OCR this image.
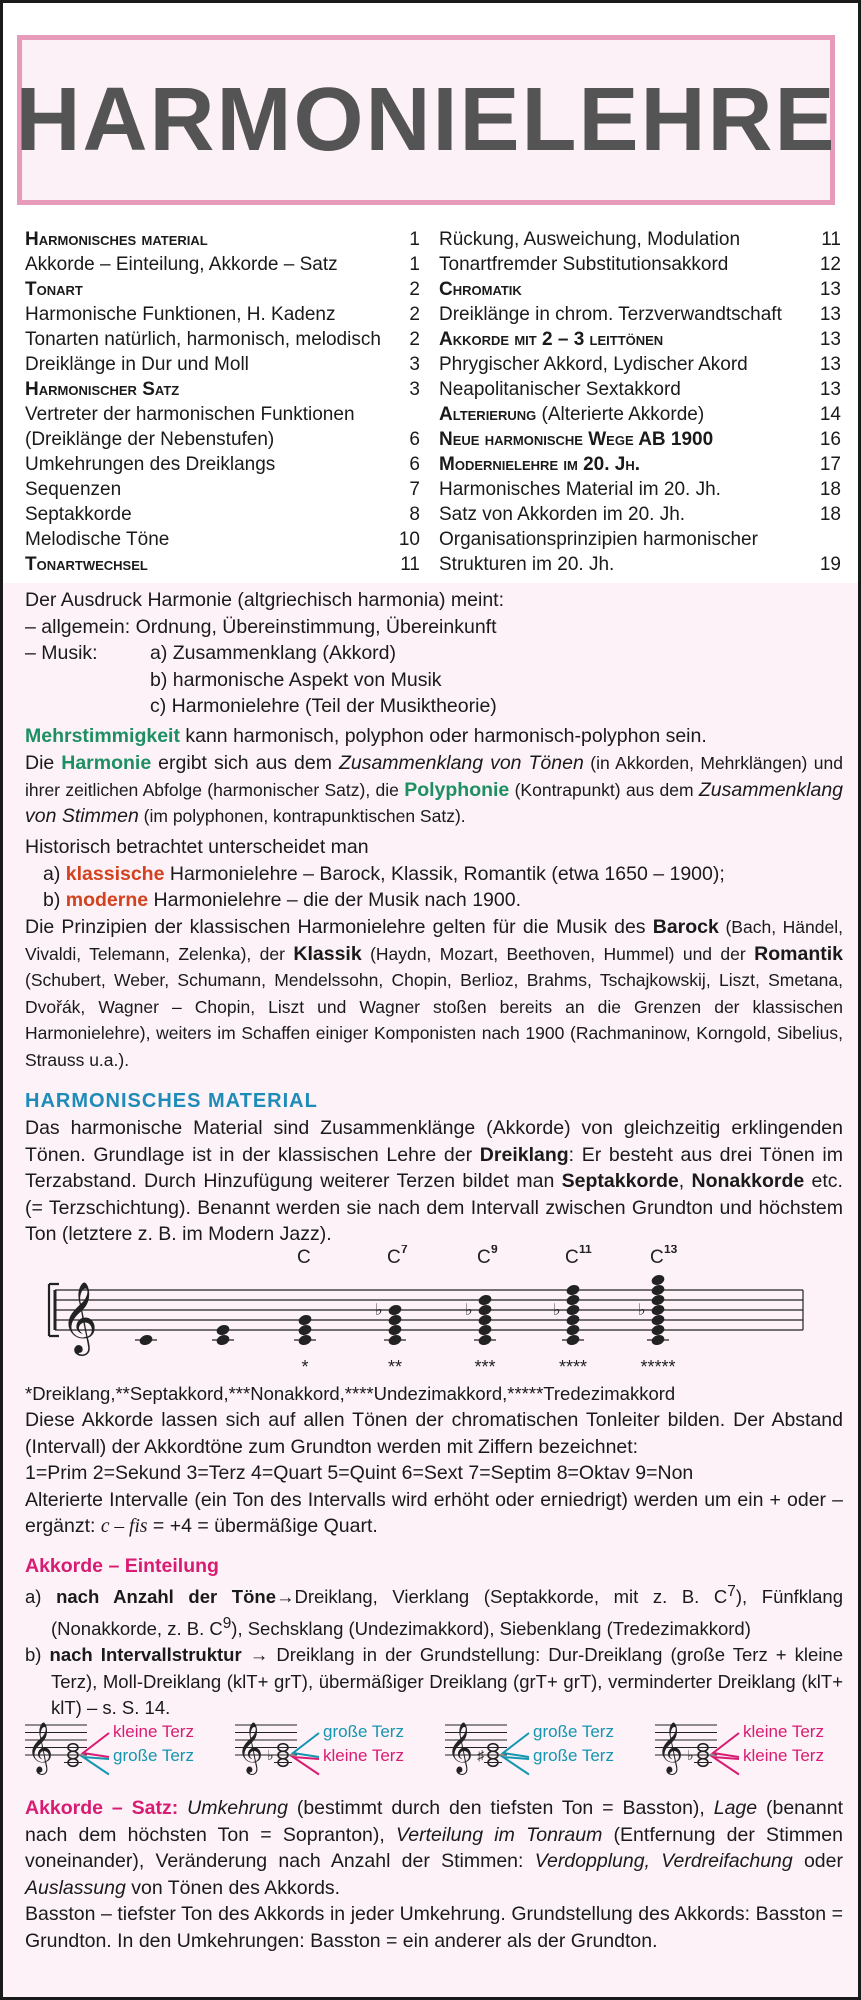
HARMONIELEHRE
Harmonisches material	1
Akkorde – Einteilung, Akkorde – Satz	1
Tonart	2
Harmonische Funktionen, H. Kadenz	2
Tonarten natürlich, harmonisch, melodisch	2
Dreiklänge in Dur und Moll	3
Harmonischer Satz	3
Vertreter der harmonischen Funktionen
(Dreiklänge der Nebenstufen)	6
Umkehrungen des Dreiklangs	6
Sequenzen	7
Septakkorde	8
Melodische Töne	10
Tonartwechsel	11
Rückung, Ausweichung, Modulation	11
Tonartfremder Substitutionsakkord	12
Chromatik	13
Dreiklänge in chrom. Terzverwandtschaft 13
Akkorde mit 2 – 3 leittönen	13
Phrygischer Akkord, Lydischer Akord	13
Neapolitanischer Sextakkord	13
Alterierung (Alterierte Akkorde)	14
Neue harmonische Wege AB 1900	16
Modernielehre im 20. Jh.	17
Harmonisches Material im 20. Jh.	18
Satz von Akkorden im 20. Jh.	18
Organisationsprinzipien harmonischer
Strukturen im 20. Jh.	19
Der Ausdruck Harmonie (altgriechisch harmonia) meint:
– allgemein: Ordnung, Übereinstimmung, Übereinkunft
– Musik:	a) Zusammenklang (Akkord)
b) harmonische Aspekt von Musik
c) Harmonielehre (Teil der Musiktheorie)
Mehrstimmigkeit kann harmonisch, polyphon oder harmonisch-polyphon sein.
Die Harmonie ergibt sich aus dem Zusammenklang von Tönen (in Akkorden, Mehrklängen) und ihrer zeitlichen Abfolge (harmonischer Satz), die Polyphonie (Kontrapunkt) aus dem Zusammenklang von Stimmen (im polyphonen, kontrapunktischen Satz).
Historisch betrachtet unterscheidet man
a) klassische Harmonielehre – Barock, Klassik, Romantik (etwa 1650 – 1900);
b) moderne Harmonielehre – die der Musik nach 1900.
Die Prinzipien der klassischen Harmonielehre gelten für die Musik des Barock (Bach, Händel, Vivaldi, Telemann, Zelenka), der Klassik (Haydn, Mozart, Beethoven, Hummel) und der Romantik (Schubert, Weber, Schumann, Mendelssohn, Chopin, Berlioz, Brahms, Tschajkowskij, Liszt, Smetana, Dvořák, Wagner – Chopin, Liszt und Wagner stoßen bereits an die Grenzen der klassischen Harmonielehre), weiters im Schaffen einiger Komponisten nach 1900 (Rachmaninow, Korngold, Sibelius, Strauss u.a.).
HARMONISCHES MATERIAL
Das harmonische Material sind Zusammenklänge (Akkorde) von gleichzeitig erklingenden Tönen. Grundlage ist in der klassischen Lehre der Dreiklang: Er besteht aus drei Tönen im Terzabstand. Durch Hinzufügung weiterer Terzen bildet man Septakkorde, Nonakkorde etc. (= Terzschichtung). Benannt werden sie nach dem Intervall zwischen Grundton und höchstem Ton (letztere z. B. im Modern Jazz).
𝄞
C
*
♭
C 7
**
♭
C 9
***
♭
C 11
****
♭
C 13
*****
*Dreiklang,**Septakkord,***Nonakkord,****Undezimakkord,*****Tredezimakkord
Diese Akkorde lassen sich auf allen Tönen der chromatischen Tonleiter bilden. Der Abstand (Intervall) der Akkordtöne zum Grundton werden mit Ziffern bezeichnet:
1=Prim 2=Sekund 3=Terz 4=Quart 5=Quint 6=Sext 7=Septim 8=Oktav 9=Non
Alterierte Intervalle (ein Ton des Intervalls wird erhöht oder erniedrigt) werden um ein + oder – ergänzt: c – fis = +4 = übermäßige Quart.
Akkorde – Einteilung
a) nach Anzahl der Töne→Dreiklang, Vierklang (Septakkorde, mit z. B. $C^7$), Fünfklang (Nonakkorde, z. B. $C^9$), Sechsklang (Undezimakkord), Siebenklang (Tredezimakkord)
b) nach Intervallstruktur → Dreiklang in der Grundstellung: Dur-Dreiklang (große Terz + kleine Terz), Moll-Dreiklang (klT+ grT), übermäßiger Dreiklang (grT+ grT), verminderter Dreiklang (klT+ klT) – s. S. 14.
𝄞	kleine Terz
große Terz 𝄞 ♭
große Terz
kleine Terz 𝄞 ♯
große Terz
große Terz 𝄞 ♭
kleine Terz
kleine Terz
Akkorde – Satz: Umkehrung (bestimmt durch den tiefsten Ton = Basston), Lage (benannt nach dem höchsten Ton = Sopranton), Verteilung im Tonraum (Entfernung der Stimmen voneinander), Veränderung nach Anzahl der Stimmen: Verdopplung, Verdreifachung oder Auslassung von Tönen des Akkords.
Basston – tiefster Ton des Akkords in jeder Umkehrung. Grundstellung des Akkords: Basston = Grundton. In den Umkehrungen: Basston = ein anderer als der Grundton.
